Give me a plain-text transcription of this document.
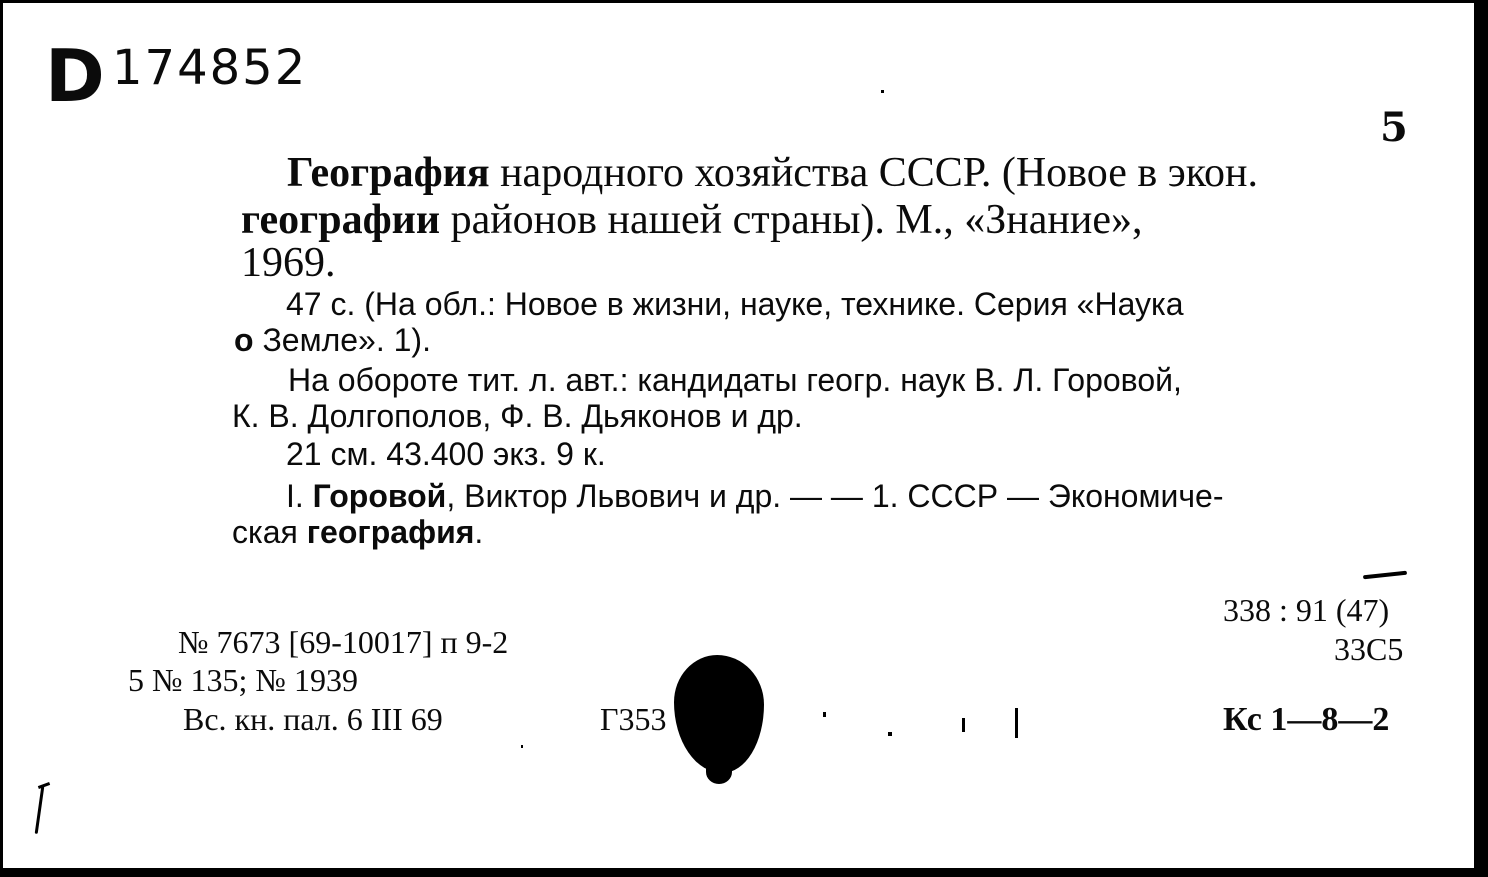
D 174852
5
География народного хозяйства СССР. (Новое в экон.
географии районов нашей страны). М., «Знание»,
1969.
47 с. (На обл.: Новое в жизни, науке, технике. Серия «Наука
о Земле». 1).
На обороте тит. л. авт.: кандидаты геогр. наук В. Л. Горовой,
К. В. Долгополов, Ф. В. Дьяконов и др.
21 см. 43.400 экз. 9 к.
I. Горовой, Виктор Львович и др. — — 1. СССР — Экономиче-
ская география.
№ 7673 [69-10017] п 9-2
5 № 135; № 1939
Вс. кн. пал. 6 III 69	Г353
338 : 91 (47)
33С5
Кс 1—8—2
